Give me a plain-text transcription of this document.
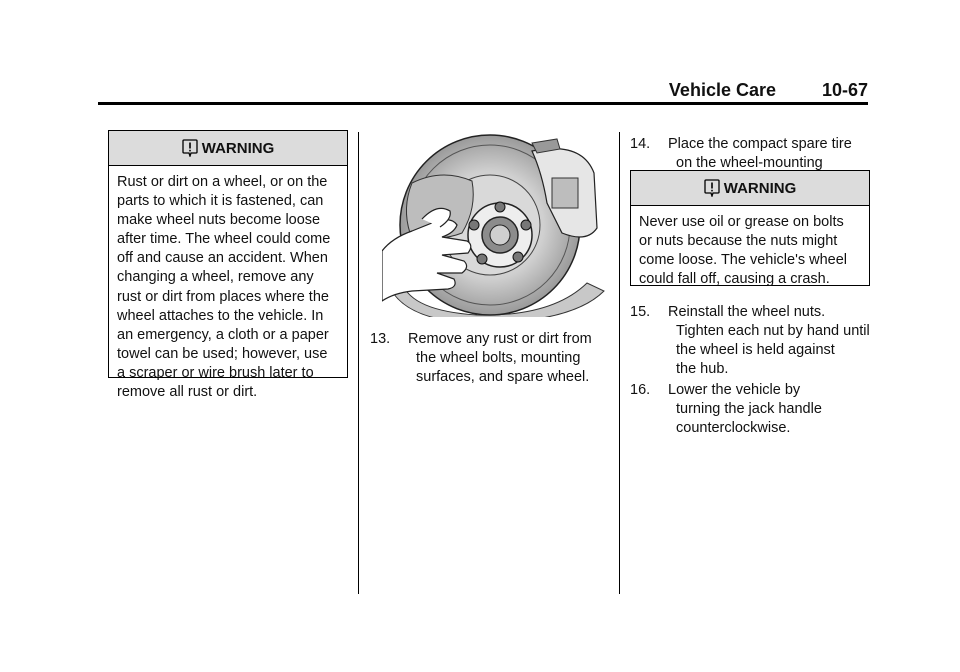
Vehicle Care	10-67
WARNING
Rust or dirt on a wheel, or on the
parts to which it is fastened, can
make wheel nuts become loose
after time. The wheel could come
off and cause an accident. When
changing a wheel, remove any
rust or dirt from places where the
wheel attaches to the vehicle. In
an emergency, a cloth or a paper
towel can be used; however, use
a scraper or wire brush later to
remove all rust or dirt.
13. Remove any rust or dirt from
the wheel bolts, mounting
surfaces, and spare wheel.
14. Place the compact spare tire
on the wheel-mounting
WARNING
Never use oil or grease on bolts
or nuts because the nuts might
come loose. The vehicle's wheel
could fall off, causing a crash.
15. Reinstall the wheel nuts.
Tighten each nut by hand until
the wheel is held against
the hub.
16. Lower the vehicle by
turning the jack handle
counterclockwise.
